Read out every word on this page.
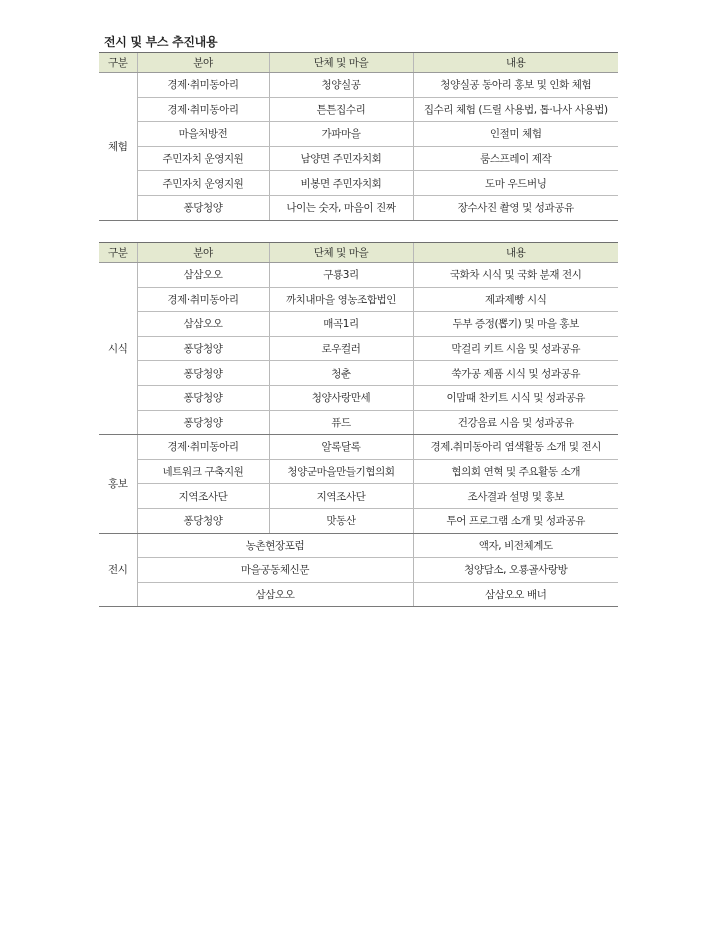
전시 및 부스 추진내용
구분	분야	단체 및 마을	내용
체험	경제·취미동아리	청양실공	청양실공 동아리 홍보 및 인화 체험
	경제·취미동아리	튼튼집수리	집수리 체험 (드릴 사용법, 톱·나사 사용법)
	마을처방전	가파마을	인절미 체험
	주민자치 운영지원	남양면 주민자치회	룸스프레이 제작
	주민자치 운영지원	비봉면 주민자치회	도마 우드버닝
	퐁당청양	나이는 숫자, 마음이 진짜	장수사진 촬영 및 성과공유
구분	분야	단체 및 마을	내용
시식	삼삼오오	구룡3리	국화차 시식 및 국화 분재 전시
	경제·취미동아리	까치내마을 영농조합법인	제과제빵 시식
	삼삼오오	매곡1리	두부 증정(뽑기) 및 마을 홍보
	퐁당청양	로우컬러	막걸리 키트 시음 및 성과공유
	퐁당청양	청춘	쑥가공 제품 시식 및 성과공유
	퐁당청양	청양사랑만세	이맘때 찬키트 시식 및 성과공유
	퐁당청양	퓨드	건강음료 시음 및 성과공유
홍보	경제·취미동아리	알록달록	경제.취미동아리 염색활동 소개 및 전시
	네트워크 구축지원	청양군마을만들기협의회	협의회 연혁 및 주요활동 소개
	지역조사단	지역조사단	조사결과 설명 및 홍보
	퐁당청양	맛동산	투어 프로그램 소개 및 성과공유
전시	농촌현장포럼		액자, 비전체계도
	마을공동체신문		청양담소, 오룡골사랑방
	삼삼오오		삼삼오오 배너
